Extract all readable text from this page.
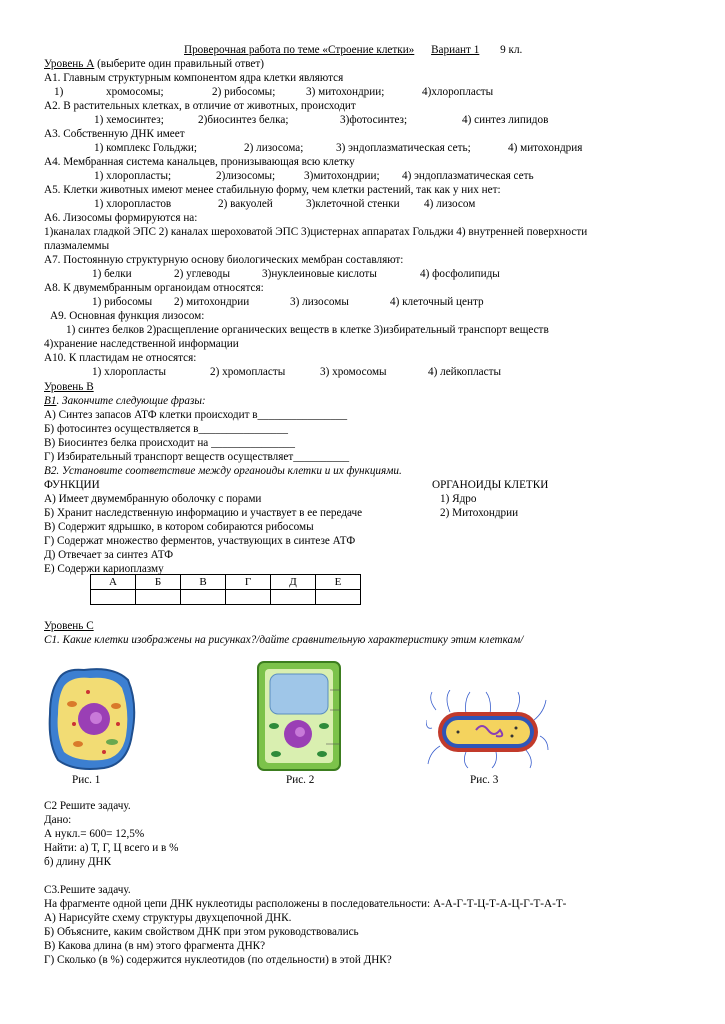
Проверочная работа по теме «Строение клетки» Вариант 1 9 кл.
Уровень А (выберите один правильный ответ)
А1. Главным структурным компонентом ядра клетки являются
1)	хромосомы;	2) рибосомы;	3) митохондрии;	4)хлоропласты
А2. В растительных клетках, в отличие от животных, происходит
1) хемосинтез;	2)биосинтез белка;	3)фотосинтез;	4) синтез липидов
А3. Собственную ДНК имеет
1) комплекс Гольджи;	2) лизосома;	3) эндоплазматическая сеть;	4) митохондрия
А4. Мембранная система канальцев, пронизывающая всю клетку
1) хлоропласты;	2)лизосомы;	3)митохондрии; 4) эндоплазматическая сеть
А5. Клетки животных имеют менее стабильную форму, чем клетки растений, так как у них нет:
1) хлоропластов	2) вакуолей	3)клеточной стенки 4) лизосом
А6. Лизосомы формируются на:
1)каналах гладкой ЭПС 2) каналах шероховатой ЭПС 3)цистернах аппаратах Гольджи 4) внутренней поверхности
плазмалеммы
А7. Постоянную структурную основу биологических мембран составляют:
1) белки	2) углеводы	3)нуклеиновые кислоты	4) фосфолипиды
А8. К двумембранным органоидам относятся:
1) рибосомы 2) митохондрии	3) лизосомы	4) клеточный центр
А9. Основная функция лизосом:
1) синтез белков 2)расщепление органических веществ в клетке 3)избирательный транспорт веществ
4)хранение наследственной информации
А10. К пластидам не относятся:
1) хлоропласты	2) хромопласты	3) хромосомы	4) лейкопласты
Уровень В
В1. Закончите следующие фразы:
А) Синтез запасов АТФ клетки происходит в________________
Б) фотосинтез осуществляется в________________
В) Биосинтез белка происходит на _______________
Г) Избирательный транспорт веществ осуществляет__________
В2. Установите соответствие между органоиды клетки и их функциями.
ФУНКЦИИ	ОРГАНОИДЫ КЛЕТКИ
А) Имеет двумембранную оболочку с порами	1) Ядро
Б) Хранит наследственную информацию и участвует в ее передаче	2) Митохондрии
В) Содержит ядрышко, в котором собираются рибосомы
Г) Содержат множество ферментов, участвующих в синтезе АТФ
Д) Отвечает за синтез АТФ
Е) Содержи кариоплазму
А	Б	В	Г	Д	Е

Уровень С
С1. Какие клетки изображены на рисунках?/дайте сравнительную характеристику этим клеткам/
Рис. 1	Рис. 2	Рис. 3
С2 Решите задачу.
Дано:
А нукл.= 600= 12,5%
Найти: а) Т, Г, Ц всего и в %
б) длину ДНК
С3.Решите задачу.
На фрагменте одной цепи ДНК нуклеотиды расположены в последовательности: А-А-Г-Т-Ц-Т-А-Ц-Г-Т-А-Т-
А) Нарисуйте схему структуры двухцепочной ДНК.
Б) Объясните, каким свойством ДНК при этом руководствовались
В) Какова длина (в нм) этого фрагмента ДНК?
Г) Сколько (в %) содержится нуклеотидов (по отдельности) в этой ДНК?
